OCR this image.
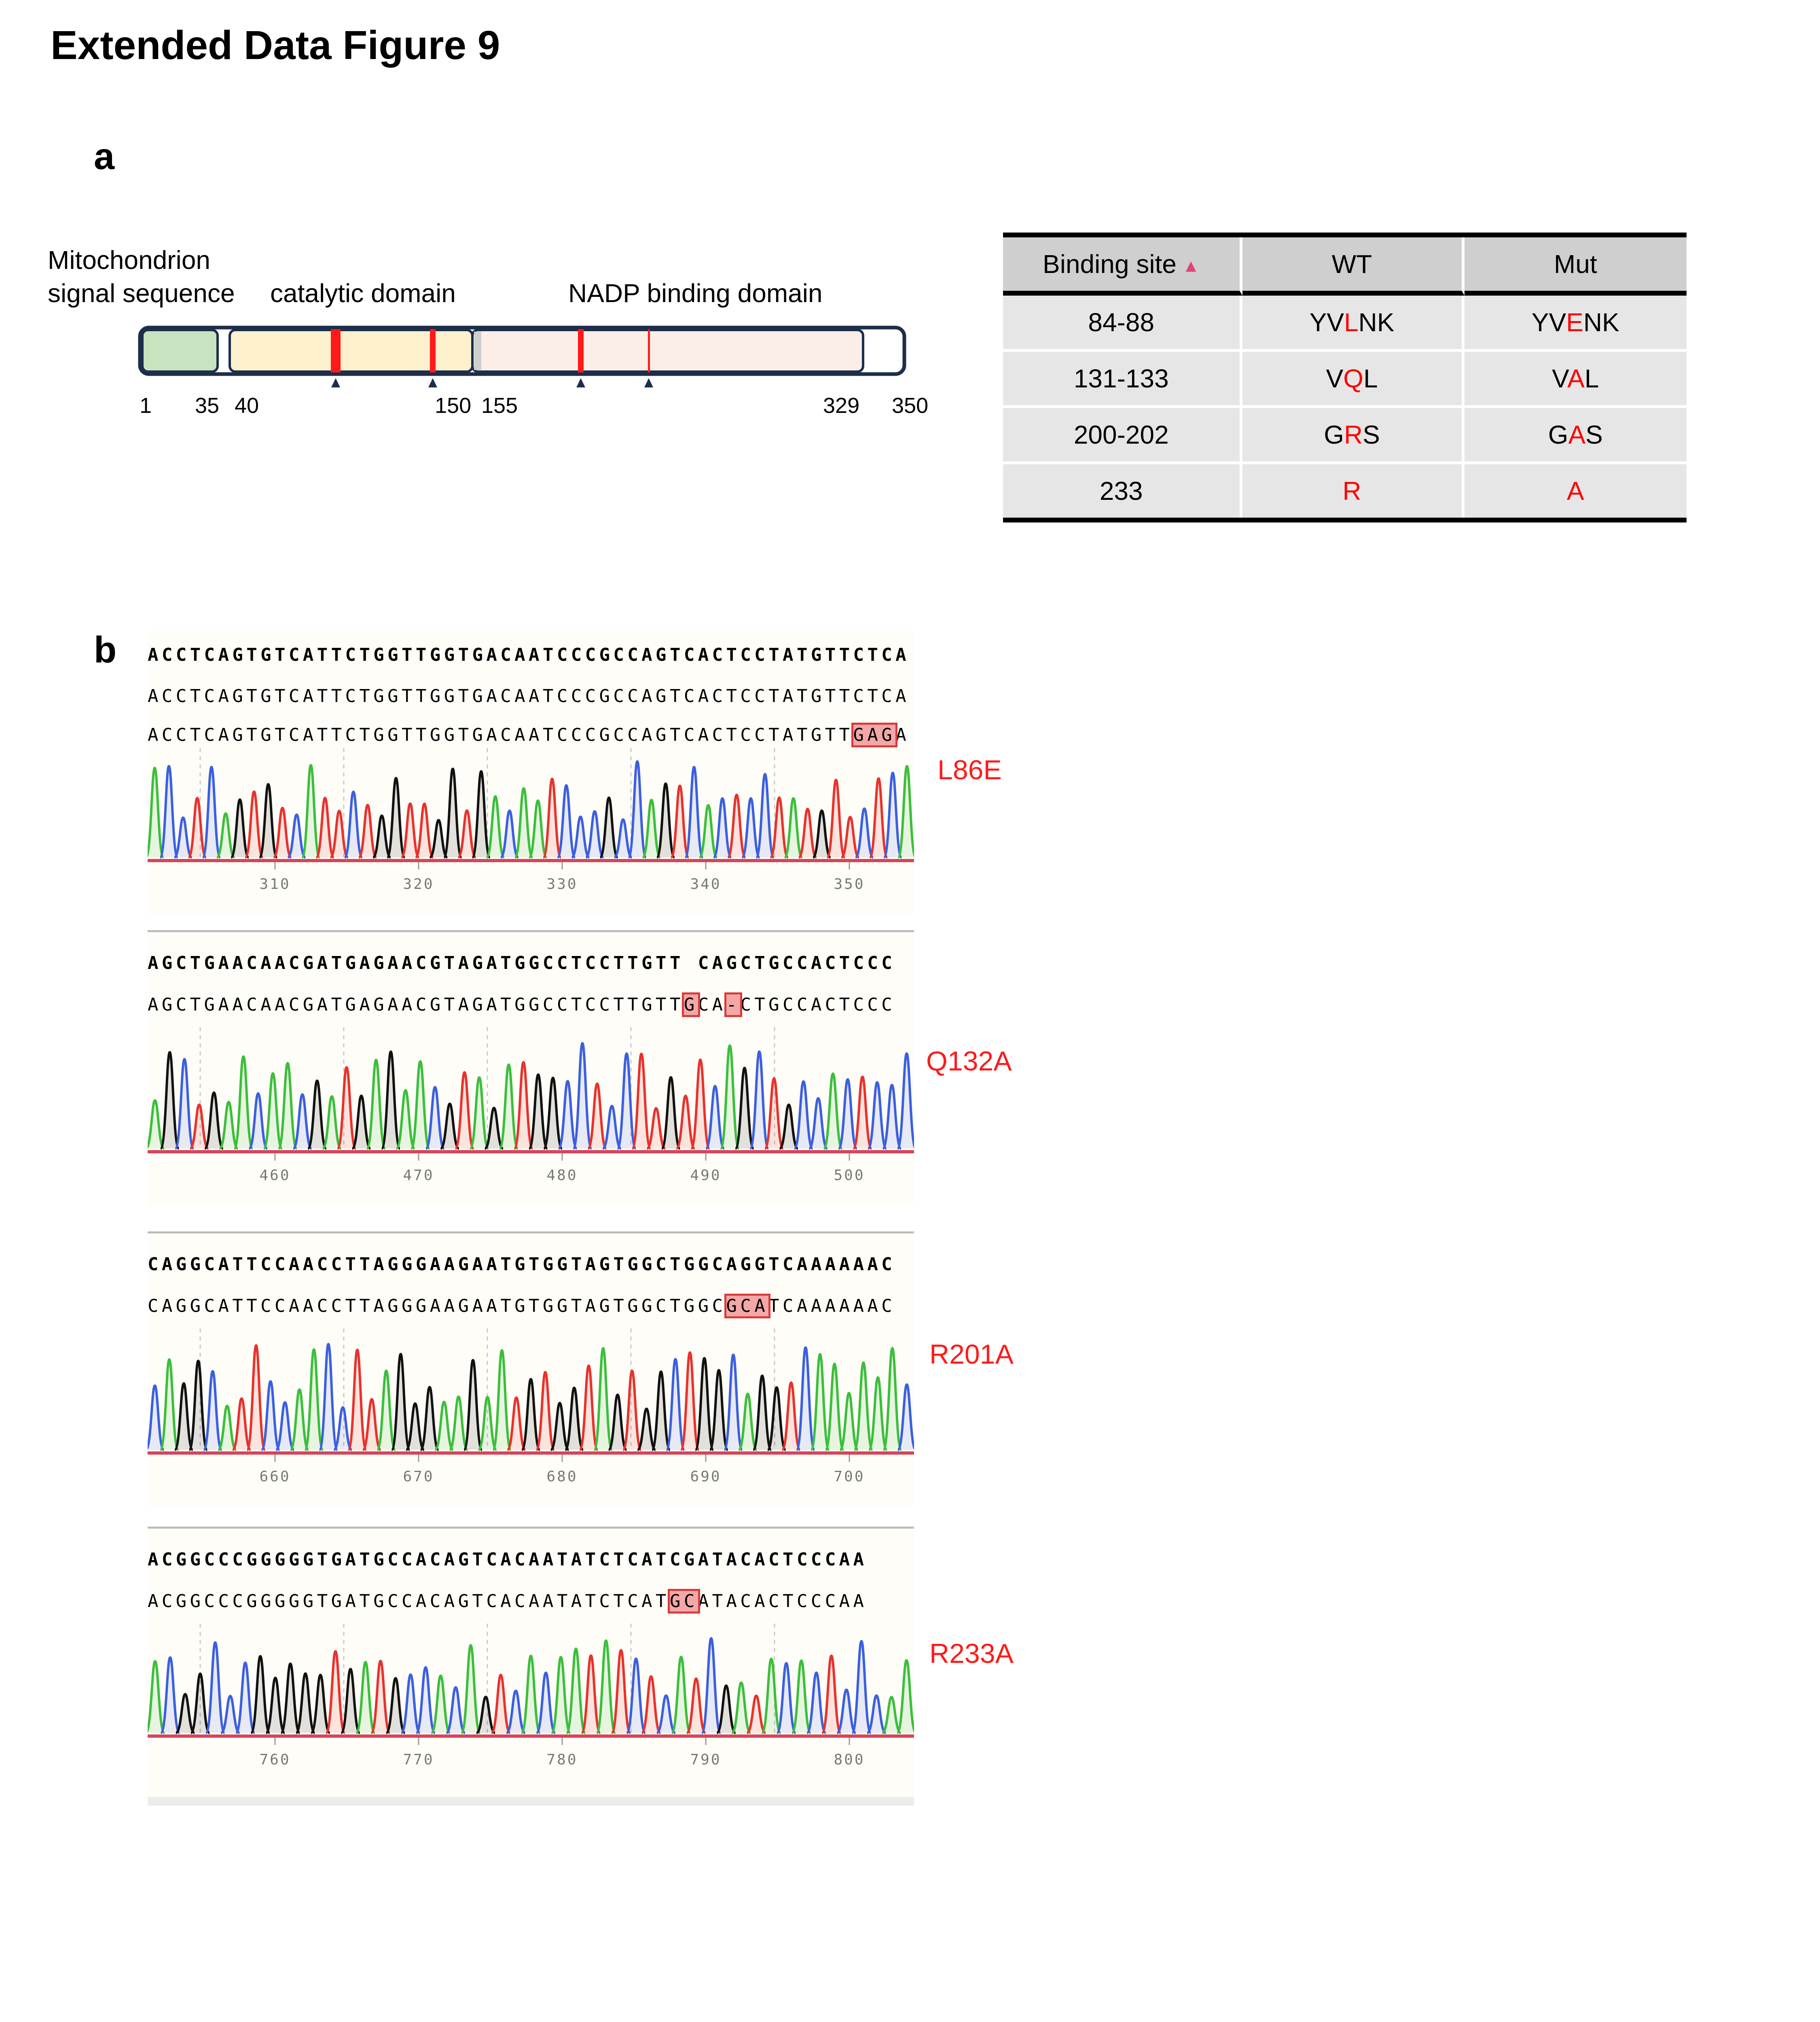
Extended Data Figure 9
a
Mitochondrion
signal sequence catalytic domain	NADP binding domain
1 35 40	150 155	329 350
Binding site ▲	WT	Mut
84-88	YVLNK	YVENK
131-133	VQL	VAL
200-202	GRS	GAS
233	R	A
b ACCTCAGTGTCATTCTGGTTGGTGACAATCCCGCCAGTCACTCCTATGTTCTCA
ACCTCAGTGTCATTCTGGTTGGTGACAATCCCGCCAGTCACTCCTATGTTCTCA
ACCTCAGTGTCATTCTGGTTGGTGACAATCCCGCCAGTCACTCCTATGTTGAGA
310	320	330	340	350
L86E
AGCTGAACAACGATGAGAACGTAGATGGCCTCCTTGTT CAGCTGCCACTCCC
AGCTGAACAACGATGAGAACGTAGATGGCCTCCTTGTTGCA-CTGCCACTCCC
460	470	480	490	500
Q132A
CAGGCATTCCAACCTTAGGGAAGAATGTGGTAGTGGCTGGCAGGTCAAAAAAC
CAGGCATTCCAACCTTAGGGAAGAATGTGGTAGTGGCTGGCGCATCAAAAAAC
660	670	680	690	700
R201A
ACGGCCCGGGGGTGATGCCACAGTCACAATATCTCATCGATACACTCCCAA
ACGGCCCGGGGGTGATGCCACAGTCACAATATCTCATGCATACACTCCCAA
760	770	780	790	800
R233A
